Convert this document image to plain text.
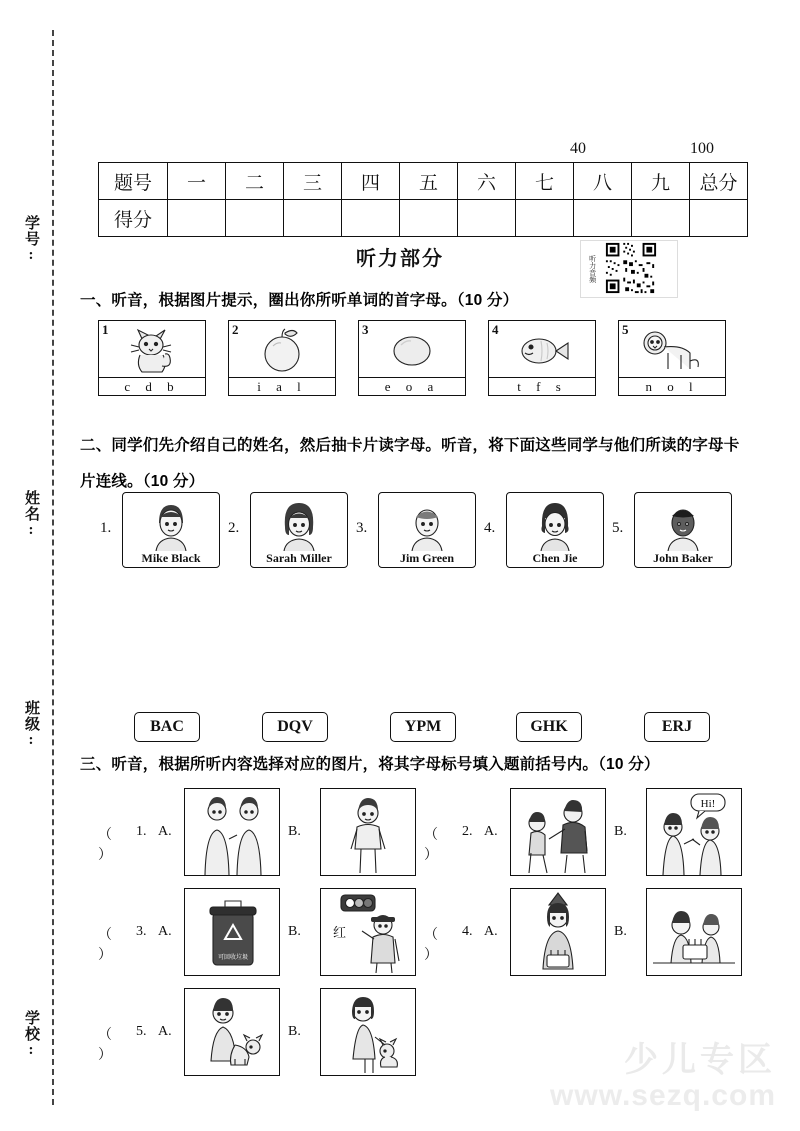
学号:
姓名:
班级:
学校:
40	100
题号	一	二	三	四	五	六	七	八	九	总分
得分										
听力部分	听力音频
一、听音，根据图片提示，圈出你所听单词的首字母。（10 分）
1
c d b
2
i a l
3
e o a
4
t f s
5
n o l
二、同学们先介绍自己的姓名，然后抽卡片读字母。听音，将下面这些同学与他们所读的字母卡片连线。（10 分）
1.
Mike Black
2.
Sarah Miller
3.
Jim Green
4.
Chen Jie
5.
John Baker
BAC	DQV	YPM	GHK	ERJ
三、听音，根据所听内容选择对应的图片，将其字母标号填入题前括号内。（10 分）
（ ）
1. A.	B.	（ ）
2. A.	B.
Hi!
（ ）
3. A.
可回收垃圾
B. 红	（ ）
4. A.	B.
（ ）
5. A.	B.
少儿专区
www.sezq.com
